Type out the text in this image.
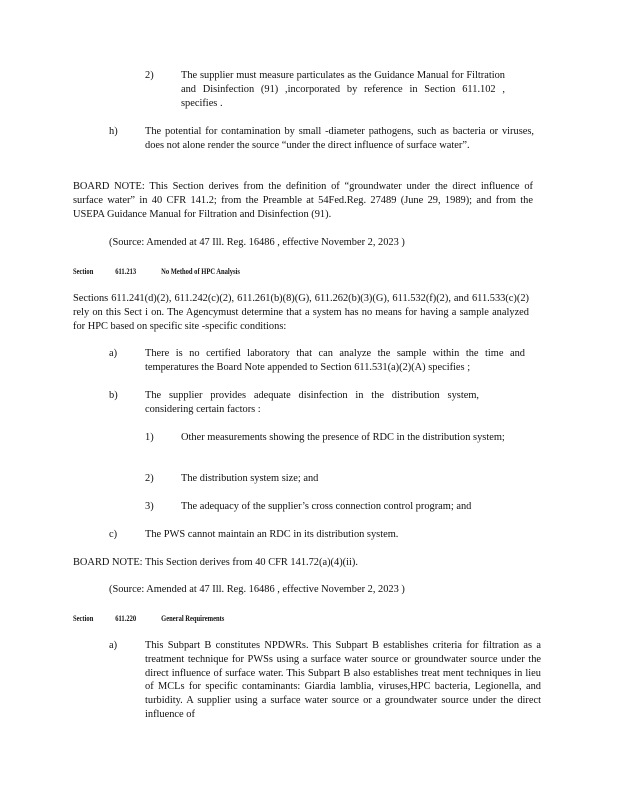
2)	The supplier must measure particulates as the Guidance Manual for Filtration and Disinfection (91) ,incorporated by reference in Section 611.102 , specifies .
h)	The potential for contamination by small -diameter pathogens, such as bacteria or viruses, does not alone render the source “under the direct influence of surface water”.
BOARD NOTE: This Section derives from the definition of “groundwater under the direct influence of surface water” in 40 CFR 141.2; from the Preamble at 54Fed.Reg. 27489 (June 29, 1989); and from the USEPA Guidance Manual for Filtration and Disinfection (91).
(Source: Amended at 47 Ill. Reg. 16486 , effective November 2, 2023 )
Section	611.213	No Method of HPC Analysis
Sections 611.241(d)(2), 611.242(c)(2), 611.261(b)(8)(G), 611.262(b)(3)(G), 611.532(f)(2), and 611.533(c)(2) rely on this Sect i on. The Agencymust determine that a system has no means for having a sample analyzed for HPC based on specific site -specific conditions:
a)	There is no certified laboratory that can analyze the sample within the time and temperatures the Board Note appended to Section 611.531(a)(2)(A) specifies ;
b)	The supplier provides adequate disinfection in the distribution system, considering certain factors :
1)	Other measurements showing the presence of RDC in the distribution system;
2)	The distribution system size; and
3)	The adequacy of the supplier’s cross connection control program; and
c)	The PWS cannot maintain an RDC in its distribution system.
BOARD NOTE: This Section derives from 40 CFR 141.72(a)(4)(ii).
(Source: Amended at 47 Ill. Reg. 16486 , effective November 2, 2023 )
Section	611.220	General Requirements
a)	This Subpart B constitutes NPDWRs. This Subpart B establishes criteria for filtration as a treatment technique for PWSs using a surface water source or groundwater source under the direct influence of surface water. This Subpart B also establishes treat ment techniques in lieu of MCLs for specific contaminants: Giardia lamblia, viruses,HPC bacteria, Legionella, and turbidity. A supplier using a surface water source or a groundwater source under the direct influence of
